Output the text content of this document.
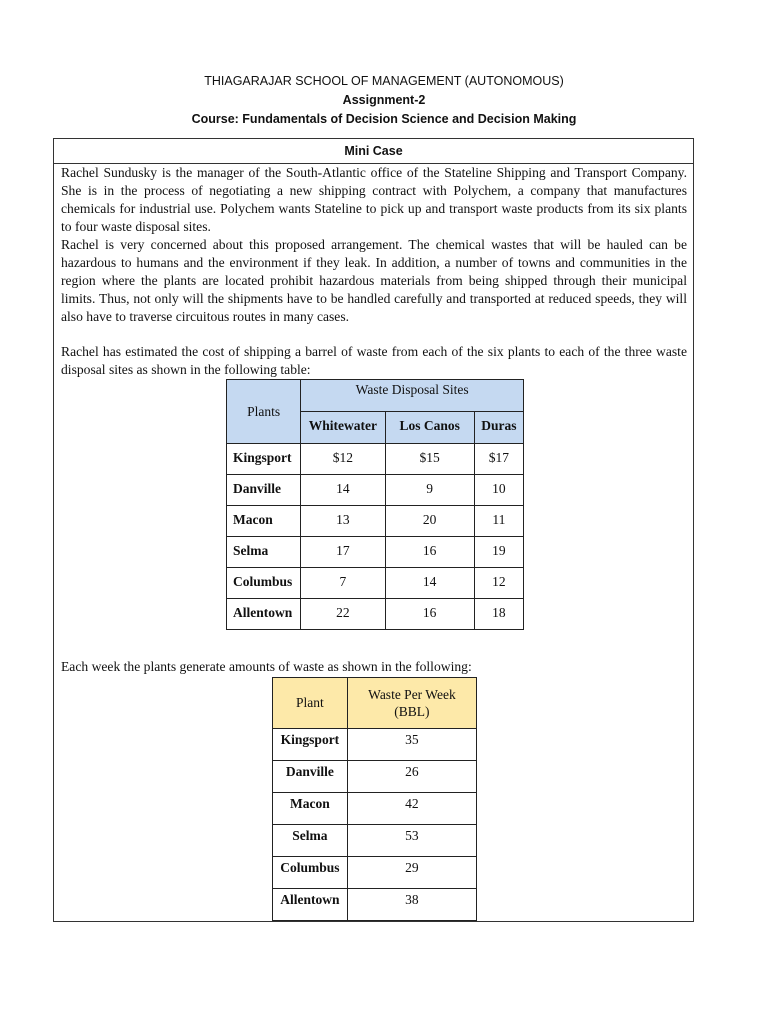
THIAGARAJAR SCHOOL OF MANAGEMENT (AUTONOMOUS)
Assignment-2
Course: Fundamentals of Decision Science and Decision Making
Mini Case
Rachel Sundusky is the manager of the South-Atlantic office of the Stateline Shipping and Transport Company. She is in the process of negotiating a new shipping contract with Polychem, a company that manufactures chemicals for industrial use. Polychem wants Stateline to pick up and transport waste products from its six plants to four waste disposal sites.
Rachel is very concerned about this proposed arrangement. The chemical wastes that will be hauled can be hazardous to humans and the environment if they leak. In addition, a number of towns and communities in the region where the plants are located prohibit hazardous materials from being shipped through their municipal limits. Thus, not only will the shipments have to be handled carefully and transported at reduced speeds, they will also have to traverse circuitous routes in many cases.
Rachel has estimated the cost of shipping a barrel of waste from each of the six plants to each of the three waste disposal sites as shown in the following table:
Plants	Waste Disposal Sites		
	Whitewater	Los Canos	Duras
Kingsport	$12	$15	$17
Danville	14	9	10
Macon	13	20	11
Selma	17	16	19
Columbus	7	14	12
Allentown	22	16	18
Each week the plants generate amounts of waste as shown in the following:
Plant	Waste Per Week
(BBL)
Kingsport	35
Danville	26
Macon	42
Selma	53
Columbus	29
Allentown	38
